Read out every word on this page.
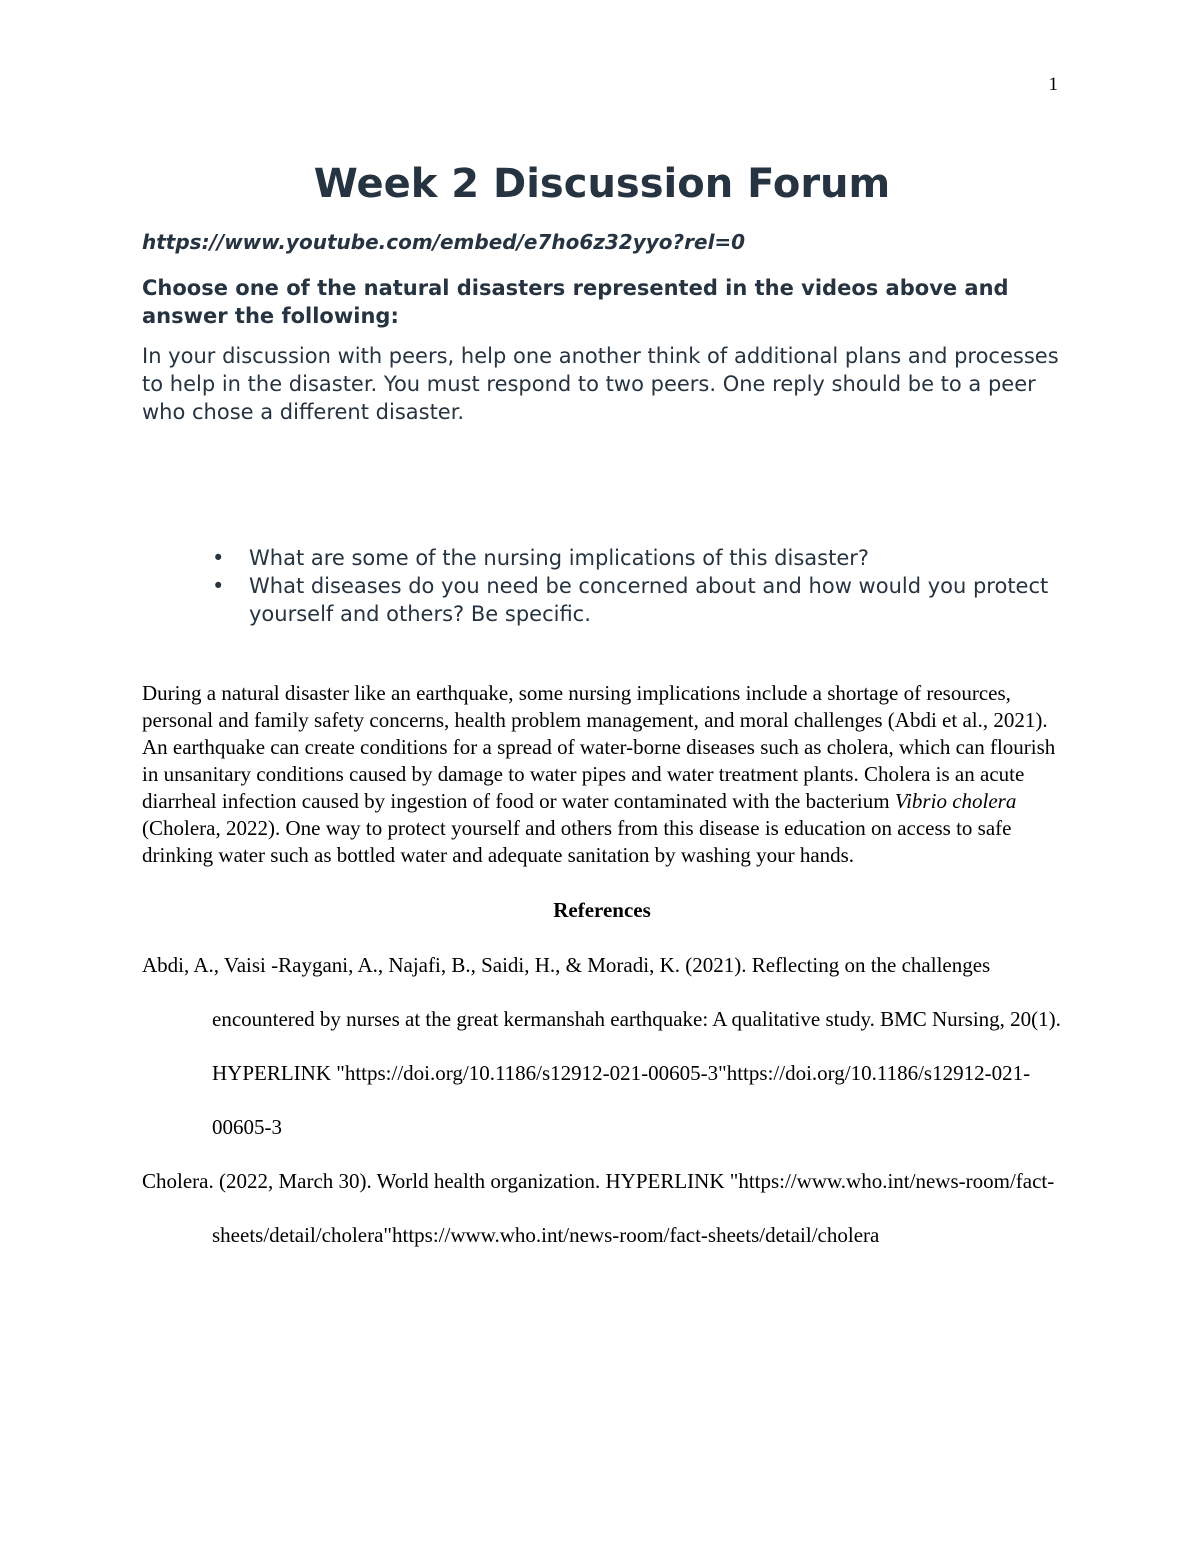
1
Week 2 Discussion Forum

https://www.youtube.com/embed/e7ho6z32yyo?rel=0

Choose one of the natural disasters represented in the videos above and answer the following:

In your discussion with peers, help one another think of additional plans and processes to help in the disaster. You must respond to two peers. One reply should be to a peer who chose a different disaster.

• What are some of the nursing implications of this disaster?
• What diseases do you need be concerned about and how would you protect yourself and others? Be specific.

During a natural disaster like an earthquake, some nursing implications include a shortage of resources, personal and family safety concerns, health problem management, and moral challenges (Abdi et al., 2021). An earthquake can create conditions for a spread of water-borne diseases such as cholera, which can flourish in unsanitary conditions caused by damage to water pipes and water treatment plants. Cholera is an acute diarrheal infection caused by ingestion of food or water contaminated with the bacterium Vibrio cholera (Cholera, 2022). One way to protect yourself and others from this disease is education on access to safe drinking water such as bottled water and adequate sanitation by washing your hands.

References

Abdi, A., Vaisi -Raygani, A., Najafi, B., Saidi, H., & Moradi, K. (2021). Reflecting on the challenges encountered by nurses at the great kermanshah earthquake: A qualitative study. BMC Nursing, 20(1). HYPERLINK "https://doi.org/10.1186/s12912-021-00605-3"https://doi.org/10.1186/s12912-021-00605-3

Cholera. (2022, March 30). World health organization. HYPERLINK "https://www.who.int/news-room/fact-sheets/detail/cholera"https://www.who.int/news-room/fact-sheets/detail/cholera
